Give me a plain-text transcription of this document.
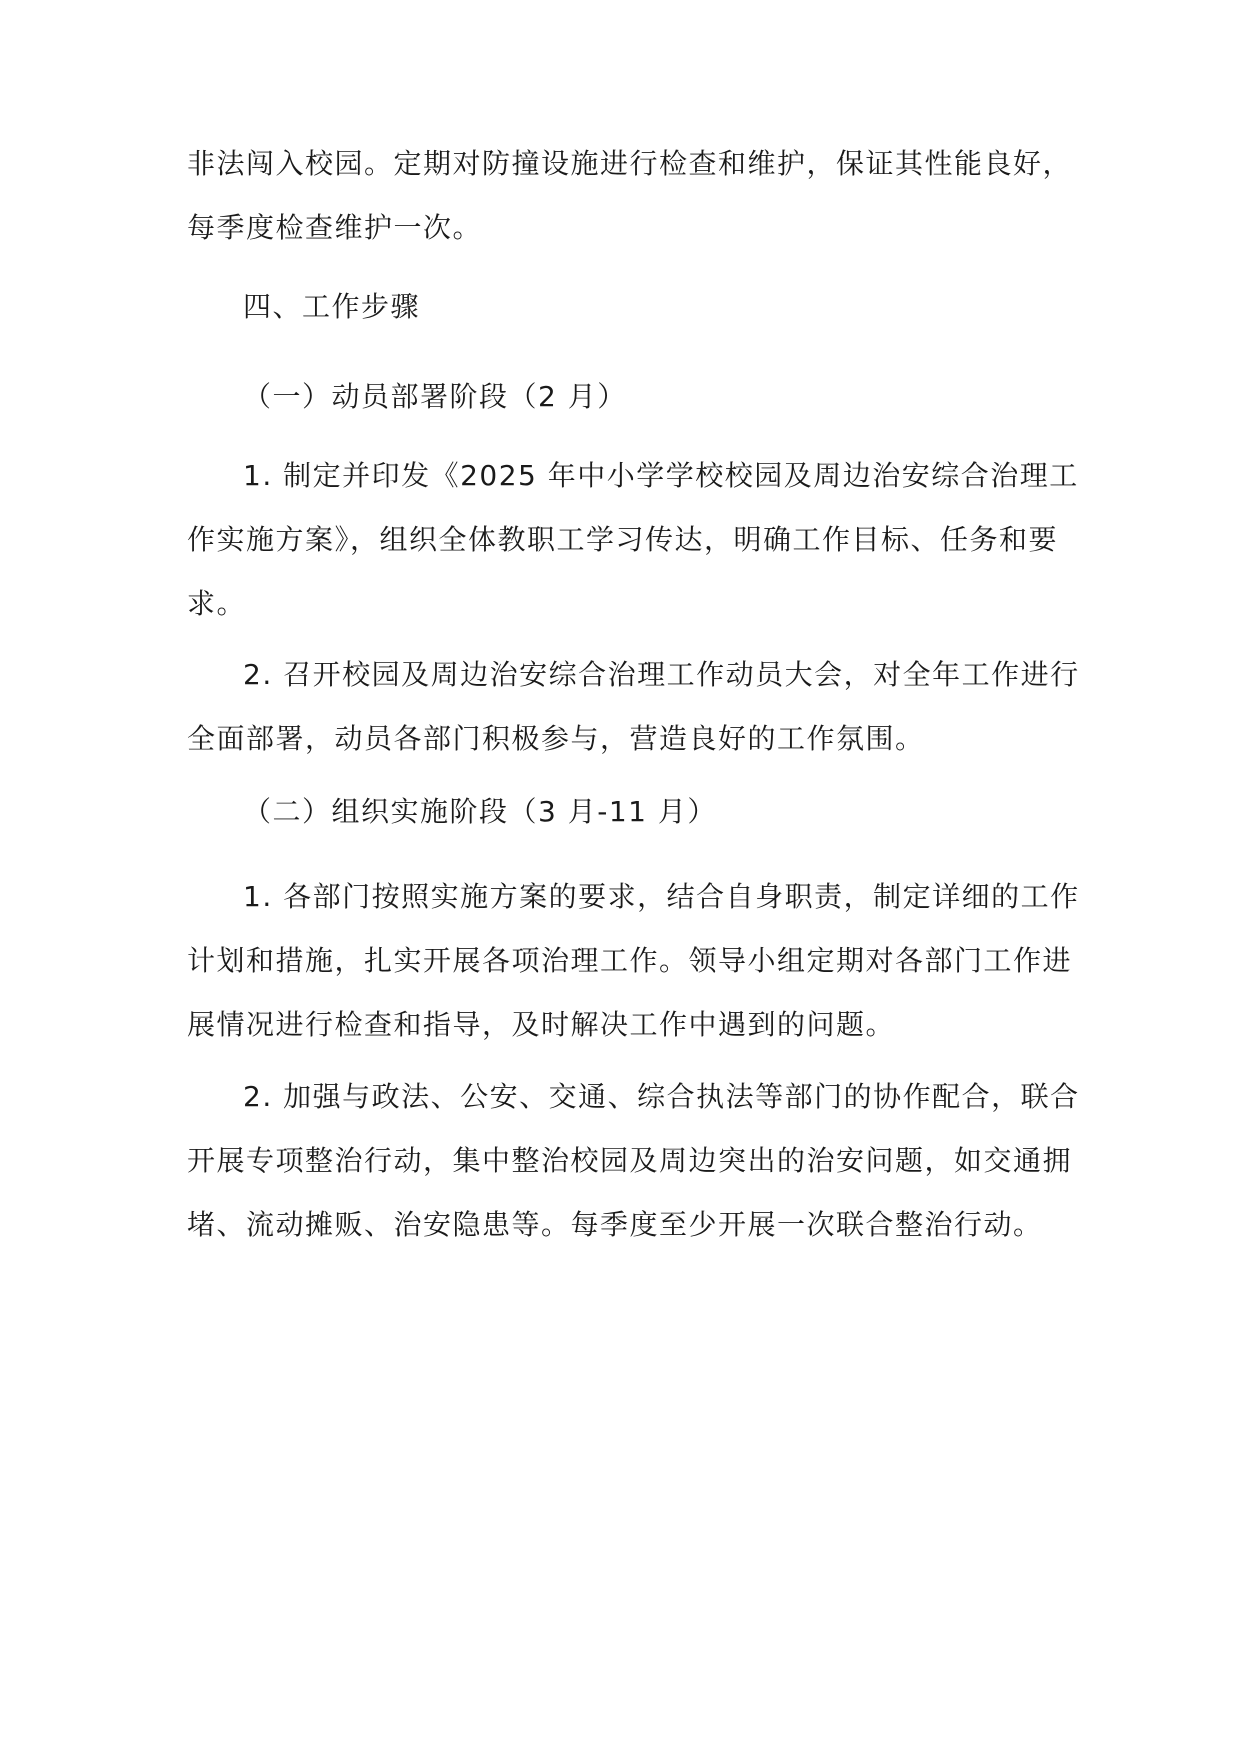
非法闯入校园。定期对防撞设施进行检查和维护，保证其性能良好，
每季度检查维护一次。
四、工作步骤
（一）动员部署阶段（2 月）
1. 制定并印发《2025 年中小学学校校园及周边治安综合治理工
作实施方案》，组织全体教职工学习传达，明确工作目标、任务和要
求。
2. 召开校园及周边治安综合治理工作动员大会，对全年工作进行
全面部署，动员各部门积极参与，营造良好的工作氛围。
（二）组织实施阶段（3 月-11 月）
1. 各部门按照实施方案的要求，结合自身职责，制定详细的工作
计划和措施，扎实开展各项治理工作。领导小组定期对各部门工作进
展情况进行检查和指导，及时解决工作中遇到的问题。
2. 加强与政法、公安、交通、综合执法等部门的协作配合，联合
开展专项整治行动，集中整治校园及周边突出的治安问题，如交通拥
堵、流动摊贩、治安隐患等。每季度至少开展一次联合整治行动。
